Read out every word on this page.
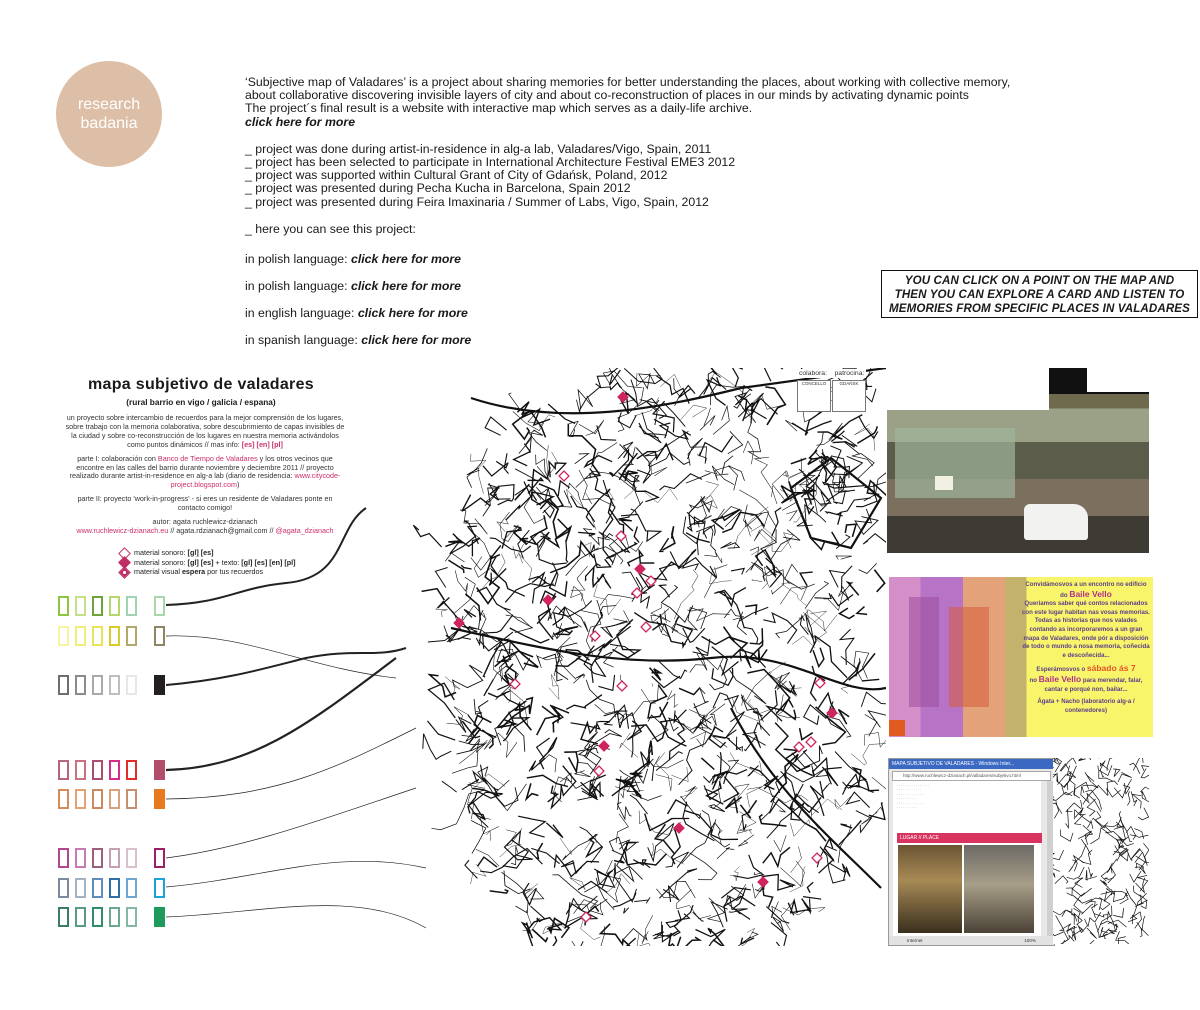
research
badania

‘Subjective map of Valadares’ is a project about sharing memories for better understanding the places, about working with collective memory,

about collaborative discovering invisible layers of city and about co-reconstruction of places in our minds by activating dynamic points

The project´s final result is a website with interactive map which serves as a daily-life archive.

click here for more

_ project was done during artist-in-residence in alg-a lab, Valadares/Vigo, Spain, 2011

_ project has been selected to participate in International Architecture Festival EME3 2012

_ project was supported within Cultural Grant of City of Gdańsk, Poland, 2012

_ project was presented during Pecha Kucha in Barcelona, Spain 2012

_ project was presented during Feira Imaxinaria / Summer of Labs, Vigo, Spain, 2012

_ here you can see this project:

in polish language: click here for more
in polish language: click here for more
in english language: click here for more
in spanish language: click here for more
YOU CAN CLICK ON A POINT ON THE MAP AND
THEN YOU CAN EXPLORE A CARD AND LISTEN TO
MEMORIES FROM SPECIFIC PLACES IN VALADARES
mapa subjetivo de valadares
(rural barrio en vigo / galicia / espana)

un proyecto sobre intercambio de recuerdos para la mejor comprensión de los lugares, sobre trabajo con la memoria colaborativa, sobre descubrimiento de capas invisibles de la ciudad y sobre co-reconstrucción de los lugares en nuestra memoria activándolos como puntos dinámicos // mas info: [es] [en] [pl]

parte I: colaboración con Banco de Tiempo de Valadares y los otros vecinos que encontre en las calles del barrio durante noviembre y deciembre 2011 // proyecto realizado durante artist-in-residence en alg-a lab (diario de residencia: www.citycode-project.blogspot.com)

parte II: proyecto 'work-in-progress' - si eres un residente de Valadares ponte en contacto comigo!

autor: agata ruchlewicz-dzianach

www.ruchlewicz-dzianach.eu // agata.rdzianach@gmail.com // @agata_dzianach

material sonoro: [gl] [es]
material sonoro: [gl] [es] + texto: [gl] [es] [en] [pl]
material visual espera por tus recuerdos
colabora: patrocina:
CONCELLO	GDAŃSK
Convidámosvos a un encontro no edificio
do Baile Vello
Queriamos saber qué contos relacionados con este lugar habitan nas vosas memorias. Todas as historias que nos valades contando as incorporaremos a un gran mapa de Valadares, onde pór a disposición de todo o mundo a nosa memoria, coñecida e descoñecida...
Esperámosvos o sábado ás 7
no Baile Vello para merendar, falar, cantar e porqué non, bailar...
Ágata + Nacho (laboratorio alg-a / contenedores)
MAPA SUBJETIVO DE VALADARES - Windows Inter...
http://www.ruchlewicz-dzianach.pl/valladares/subjetivo.html
· · · · · · · · · · · · · · · ·
· · · · · · · · · · · ·
· · · · · · · · · · · · · ·
· · · · · · · · ·
· · · · · · · · · · · · ·
· · · · · · · · · ·
LUGAR // PLACE
Internet	100%
